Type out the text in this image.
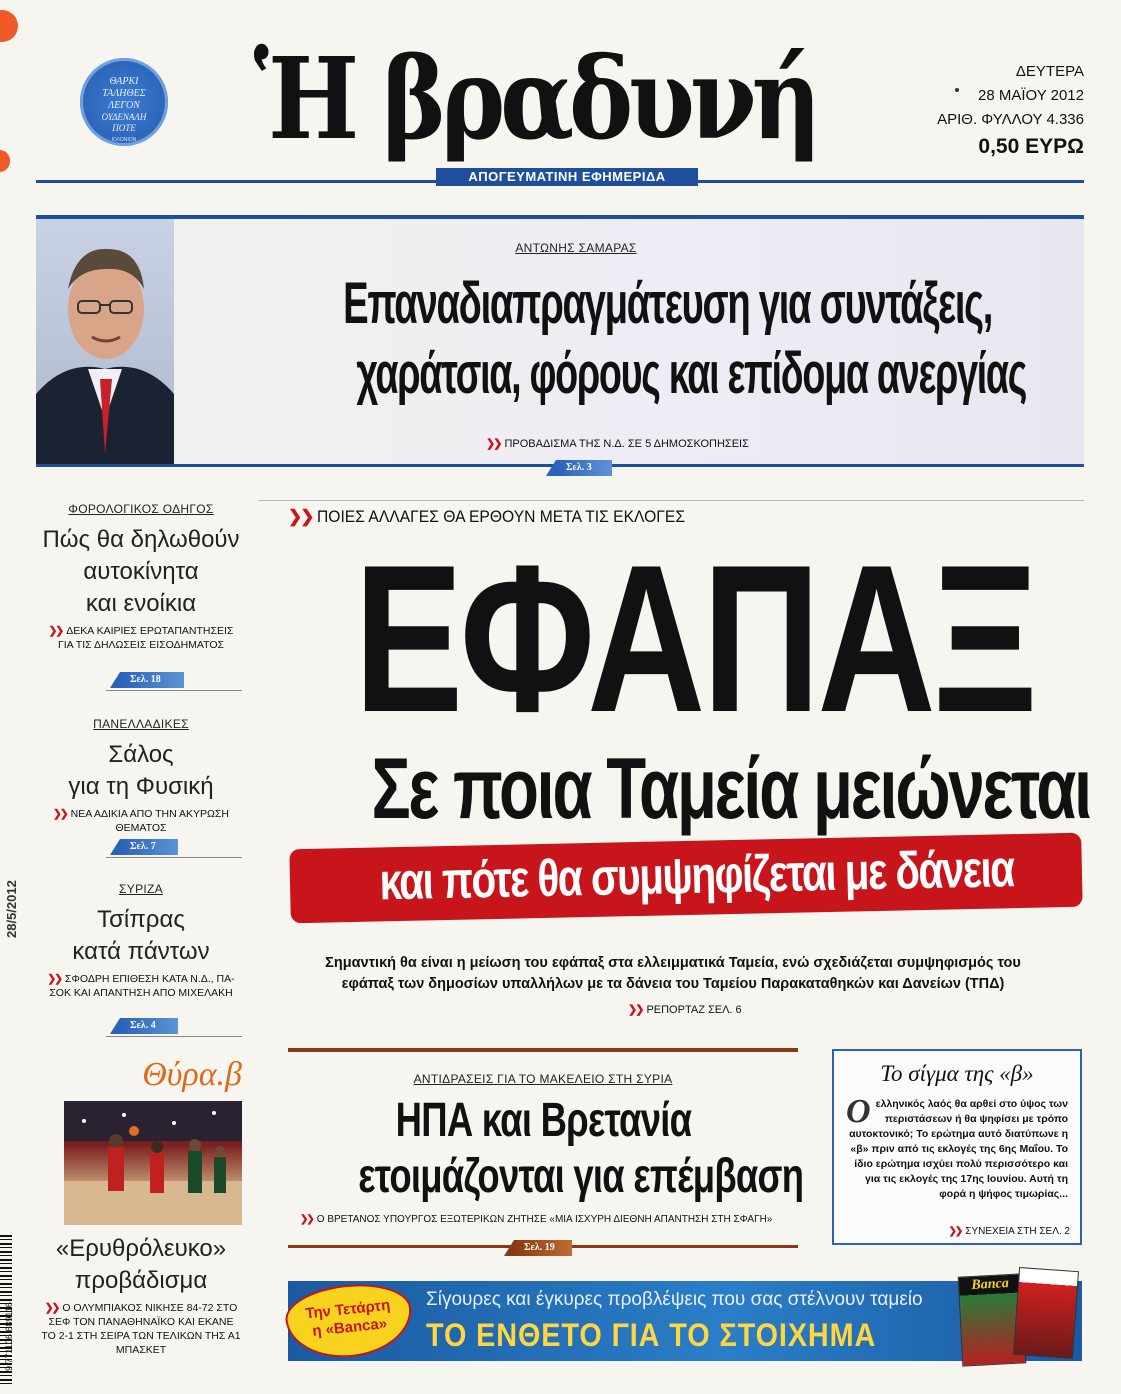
ΘΑΡΚΙ
ΤΑΛΗΘΕΣ
ΛΕΓΟΝ
ΟΥΔΕΝΑΛΗ
ΠΟΤΕ
ΙΟΛΟΝΙΟΝ	Ἡ βραδυνή	ΔΕΥΤΕΡΑ
28 ΜΑΪΟΥ 2012
ΑΡΙΘ. ΦΥΛΛΟΥ 4.336
0,50 ΕΥΡΩ
ΑΠΟΓΕΥΜΑΤΙΝΗ ΕΦΗΜΕΡΙΔΑ
ΑΝΤΩΝΗΣ ΣΑΜΑΡΑΣ
Επαναδιαπραγμάτευση για συντάξεις,
χαράτσια, φόρους και επίδομα ανεργίας
❯❯ ΠΡΟΒΑΔΙΣΜΑ ΤΗΣ Ν.Δ. ΣΕ 5 ΔΗΜΟΣΚΟΠΗΣΕΙΣ
Σελ. 3
ΦΟΡΟΛΟΓΙΚΟΣ ΟΔΗΓΟΣ
Πώς θα δηλωθούν
αυτοκίνητα
και ενοίκια
❯❯ ΔΕΚΑ ΚΑΙΡΙΕΣ ΕΡΩΤΑΠΑΝΤΗΣΕΙΣ ΓΙΑ ΤΙΣ ΔΗΛΩΣΕΙΣ ΕΙΣΟΔΗΜΑΤΟΣ
Σελ. 18
ΠΑΝΕΛΛΑΔΙΚΕΣ
Σάλος
για τη Φυσική
❯❯ ΝΕΑ ΑΔΙΚΙΑ ΑΠΟ ΤΗΝ ΑΚΥΡΩΣΗ ΘΕΜΑΤΟΣ
Σελ. 7
ΣΥΡΙΖΑ
Τσίπρας
κατά πάντων
❯❯ ΣΦΟΔΡΗ ΕΠΙΘΕΣΗ ΚΑΤΑ Ν.Δ., ΠΑ-ΣΟΚ ΚΑΙ ΑΠΑΝΤΗΣΗ ΑΠΟ ΜΙΧΕΛΑΚΗ
Σελ. 4
Θύρα.β
«Ερυθρόλευκο»
προβάδισμα
❯❯ Ο ΟΛΥΜΠΙΑΚΟΣ ΝΙΚΗΣΕ 84-72 ΣΤΟ ΣΕΦ ΤΟΝ ΠΑΝΑΘΗΝΑΪΚΟ ΚΑΙ ΕΚΑΝΕ ΤΟ 2-1 ΣΤΗ ΣΕΙΡΑ ΤΩΝ ΤΕΛΙΚΩΝ ΤΗΣ Α1 ΜΠΑΣΚΕΤ
28/5/2012
9 771106 689116
❯❯ ΠΟΙΕΣ ΑΛΛΑΓΕΣ ΘΑ ΕΡΘΟΥΝ ΜΕΤΑ ΤΙΣ ΕΚΛΟΓΕΣ
ΕΦΑΠΑΞ
Σε ποια Ταμεία μειώνεται
και πότε θα συμψηφίζεται με δάνεια
Σημαντική θα είναι η μείωση του εφάπαξ στα ελλειμματικά Ταμεία, ενώ σχεδιάζεται συμψηφισμός του εφάπαξ των δημοσίων υπαλλήλων με τα δάνεια του Ταμείου Παρακαταθηκών και Δανείων (ΤΠΔ)
❯❯ ΡΕΠΟΡΤΑΖ ΣΕΛ. 6
ΑΝΤΙΔΡΑΣΕΙΣ ΓΙΑ ΤΟ ΜΑΚΕΛΕΙΟ ΣΤΗ ΣΥΡΙΑ
ΗΠΑ και Βρετανία
ετοιμάζονται για επέμβαση
❯❯ Ο ΒΡΕΤΑΝΟΣ ΥΠΟΥΡΓΟΣ ΕΞΩΤΕΡΙΚΩΝ ΖΗΤΗΣΕ «ΜΙΑ ΙΣΧΥΡΗ ΔΙΕΘΝΗ ΑΠΑΝΤΗΣΗ ΣΤΗ ΣΦΑΓΗ»
Σελ. 19
Το σίγμα της «β»
Οελληνικός λαός θα αρθεί στο ύψος των περιστάσεων ή θα ψηφίσει με τρόπο αυτοκτονικό; Το ερώτημα αυτό διατύπωνε η «β» πριν από τις εκλογές της 6ης Μαΐου. Το ίδιο ερώτημα ισχύει πολύ περισσότερο και για τις εκλογές της 17ης Ιουνίου. Αυτή τη φορά η ψήφος τιμωρίας...
❯❯ ΣΥΝΕΧΕΙΑ ΣΤΗ ΣΕΛ. 2
Την Τετάρτη
η «Banca»
Σίγουρες και έγκυρες προβλέψεις που σας στέλνουν ταμείο
ΤΟ ΕΝΘΕΤΟ ΓΙΑ ΤΟ ΣΤΟΙΧΗΜΑ
Banca
